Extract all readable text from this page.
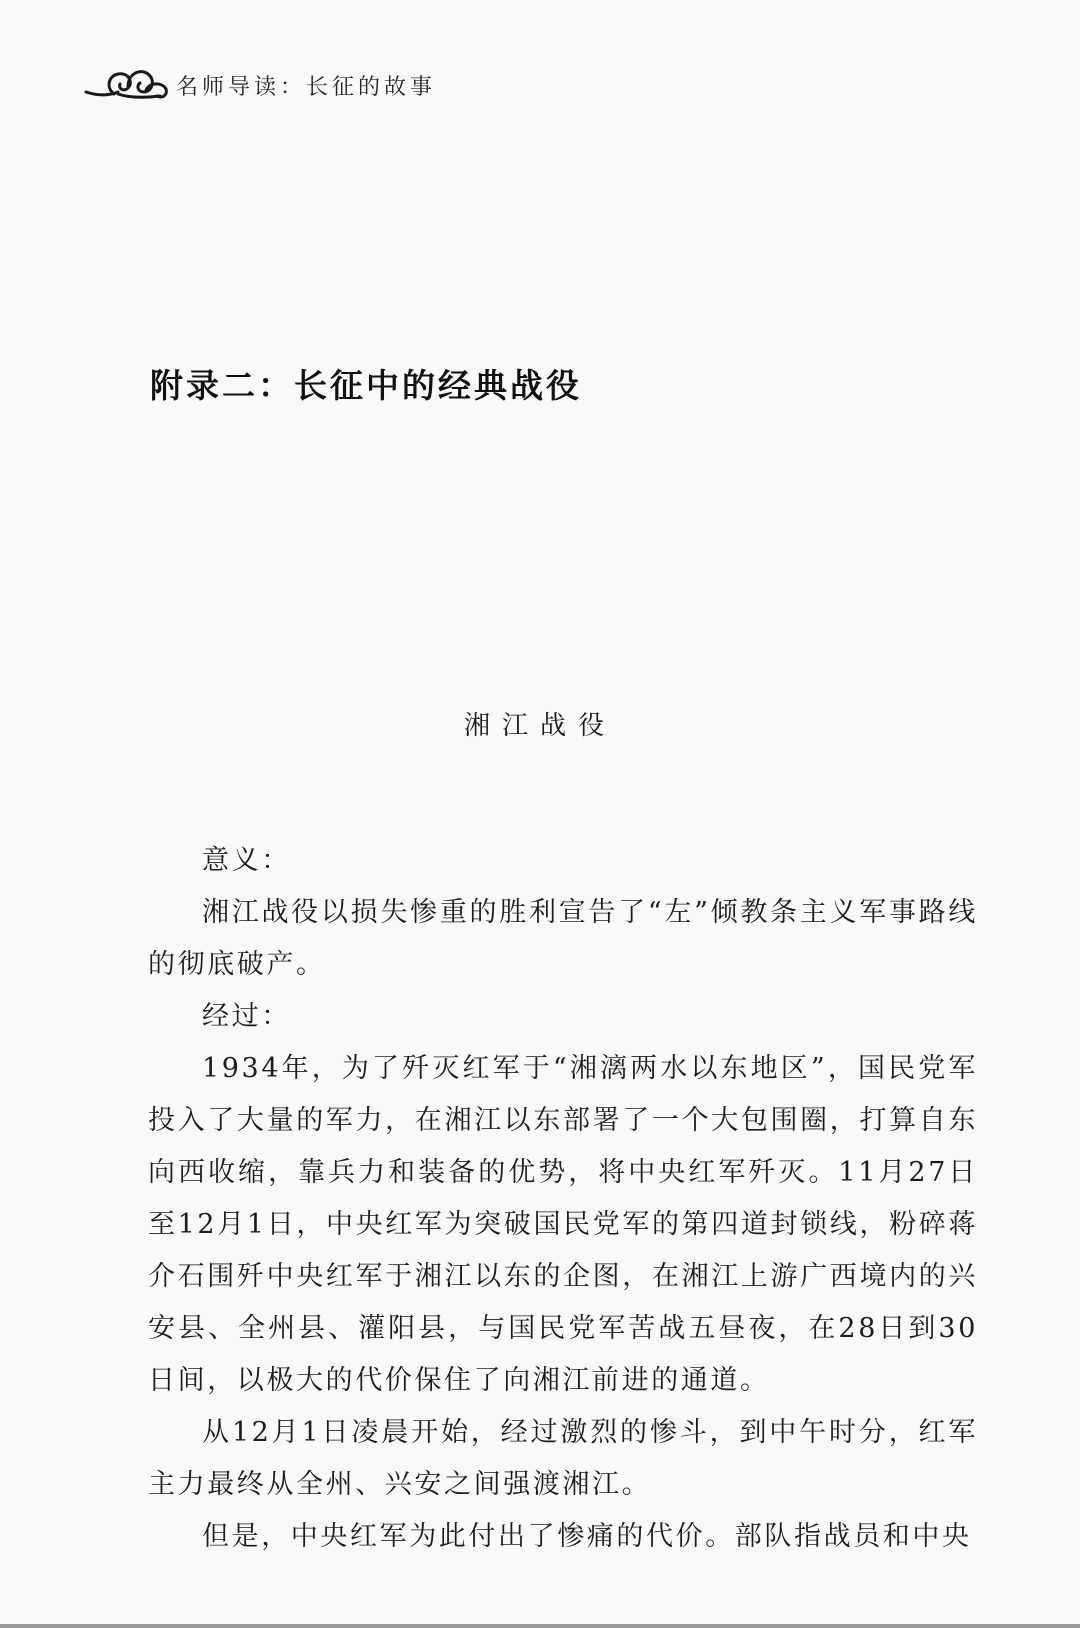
名师导读：长征的故事
附录二：长征中的经典战役
湘江战役

意义：

湘江战役以损失惨重的胜利宣告了“左”倾教条主义军事路线的彻底破产。

经过：

1934年，为了歼灭红军于“湘漓两水以东地区”，国民党军投入了大量的军力，在湘江以东部署了一个大包围圈，打算自东向西收缩，靠兵力和装备的优势，将中央红军歼灭。11月27日至12月1日，中央红军为突破国民党军的第四道封锁线，粉碎蒋介石围歼中央红军于湘江以东的企图，在湘江上游广西境内的兴安县、全州县、灌阳县，与国民党军苦战五昼夜，在28日到30日间，以极大的代价保住了向湘江前进的通道。

从12月1日凌晨开始，经过激烈的惨斗，到中午时分，红军主力最终从全州、兴安之间强渡湘江。

但是，中央红军为此付出了惨痛的代价。部队指战员和中央
